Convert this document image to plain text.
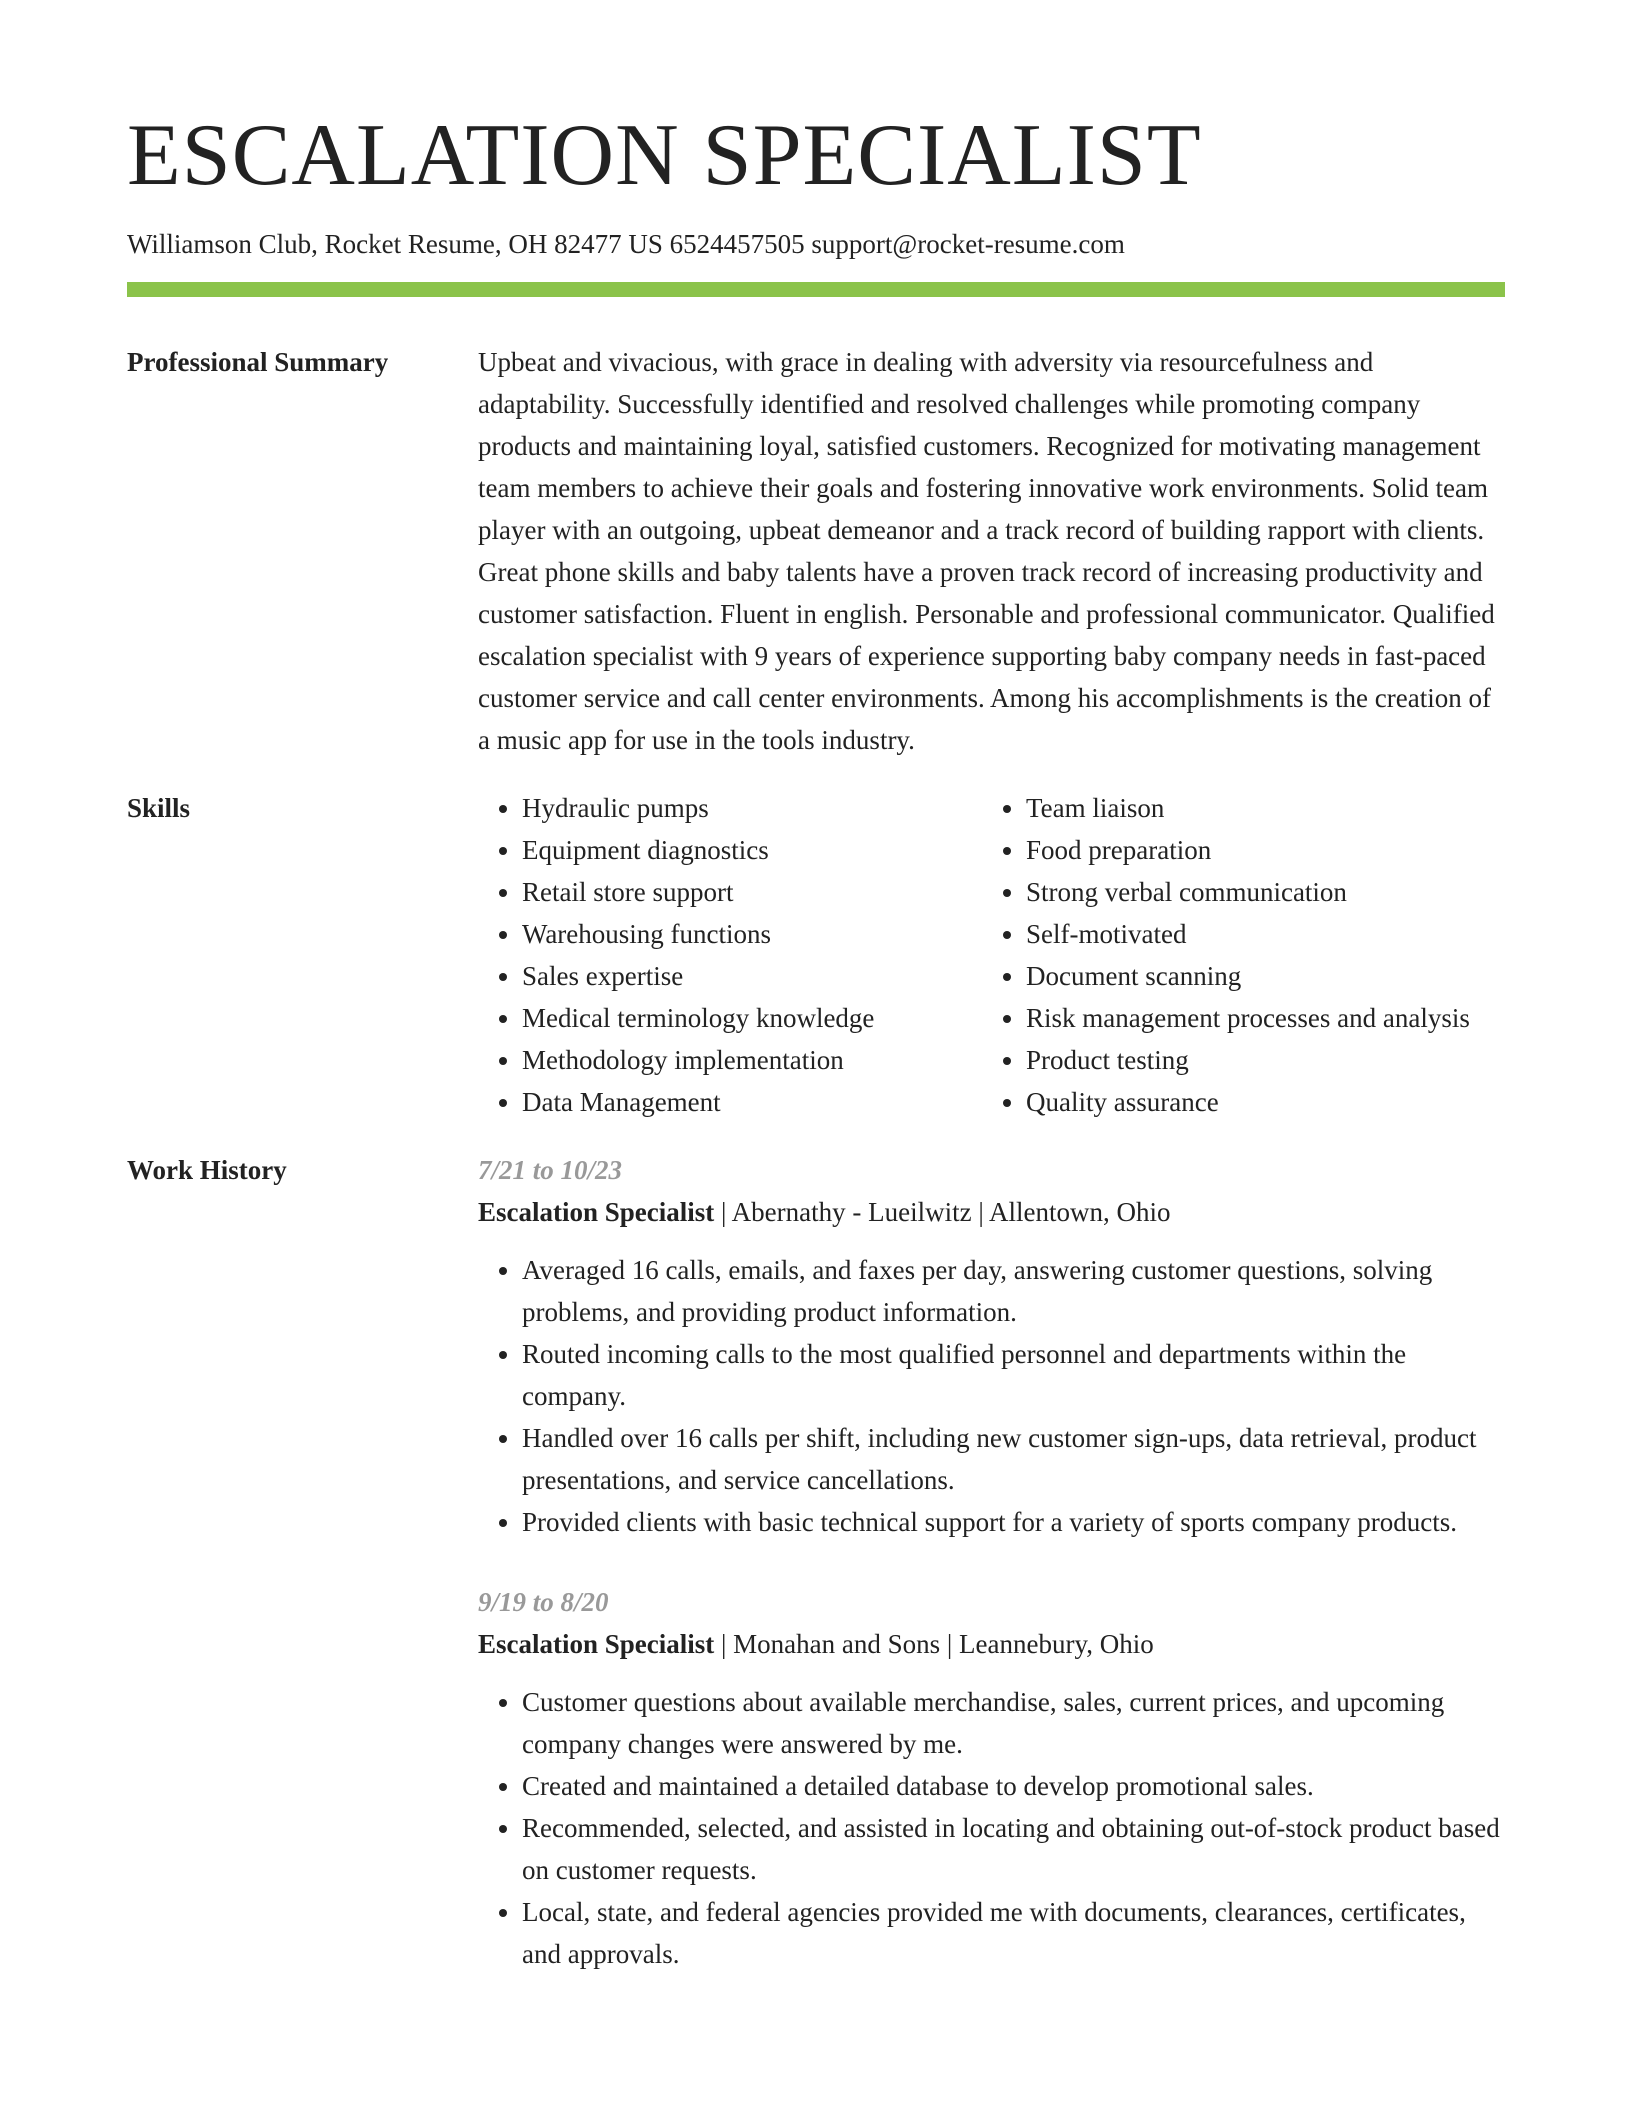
ESCALATION SPECIALIST
Williamson Club, Rocket Resume, OH 82477 US 6524457505 support@rocket-resume.com
Professional Summary	Upbeat and vivacious, with grace in dealing with adversity via resourcefulness and adaptability. Successfully identified and resolved challenges while promoting company products and maintaining loyal, satisfied customers. Recognized for motivating management team members to achieve their goals and fostering innovative work environments. Solid team player with an outgoing, upbeat demeanor and a track record of building rapport with clients. Great phone skills and baby talents have a proven track record of increasing productivity and customer satisfaction. Fluent in english. Personable and professional communicator. Qualified escalation specialist with 9 years of experience supporting baby company needs in fast-paced customer service and call center environments. Among his accomplishments is the creation of a music app for use in the tools industry.

Skills
•	Hydraulic pumps
• Equipment diagnostics
• Retail store support
• Warehousing functions
• Sales expertise
• Medical terminology knowledge
• Methodology implementation
• Data Management
• Team liaison
• Food preparation
• Strong verbal communication
• Self-motivated
• Document scanning
• Risk management processes and analysis
• Product testing
• Quality assurance
Work History	7/21 to 10/23
Escalation Specialist | Abernathy - Lueilwitz | Allentown, Ohio
• Averaged 16 calls, emails, and faxes per day, answering customer questions, solving problems, and providing product information.
• Routed incoming calls to the most qualified personnel and departments within the company.
• Handled over 16 calls per shift, including new customer sign-ups, data retrieval, product presentations, and service cancellations.
• Provided clients with basic technical support for a variety of sports company products.
9/19 to 8/20
Escalation Specialist | Monahan and Sons | Leannebury, Ohio
• Customer questions about available merchandise, sales, current prices, and upcoming company changes were answered by me.
• Created and maintained a detailed database to develop promotional sales.
• Recommended, selected, and assisted in locating and obtaining out-of-stock product based on customer requests.
• Local, state, and federal agencies provided me with documents, clearances, certificates, and approvals.
